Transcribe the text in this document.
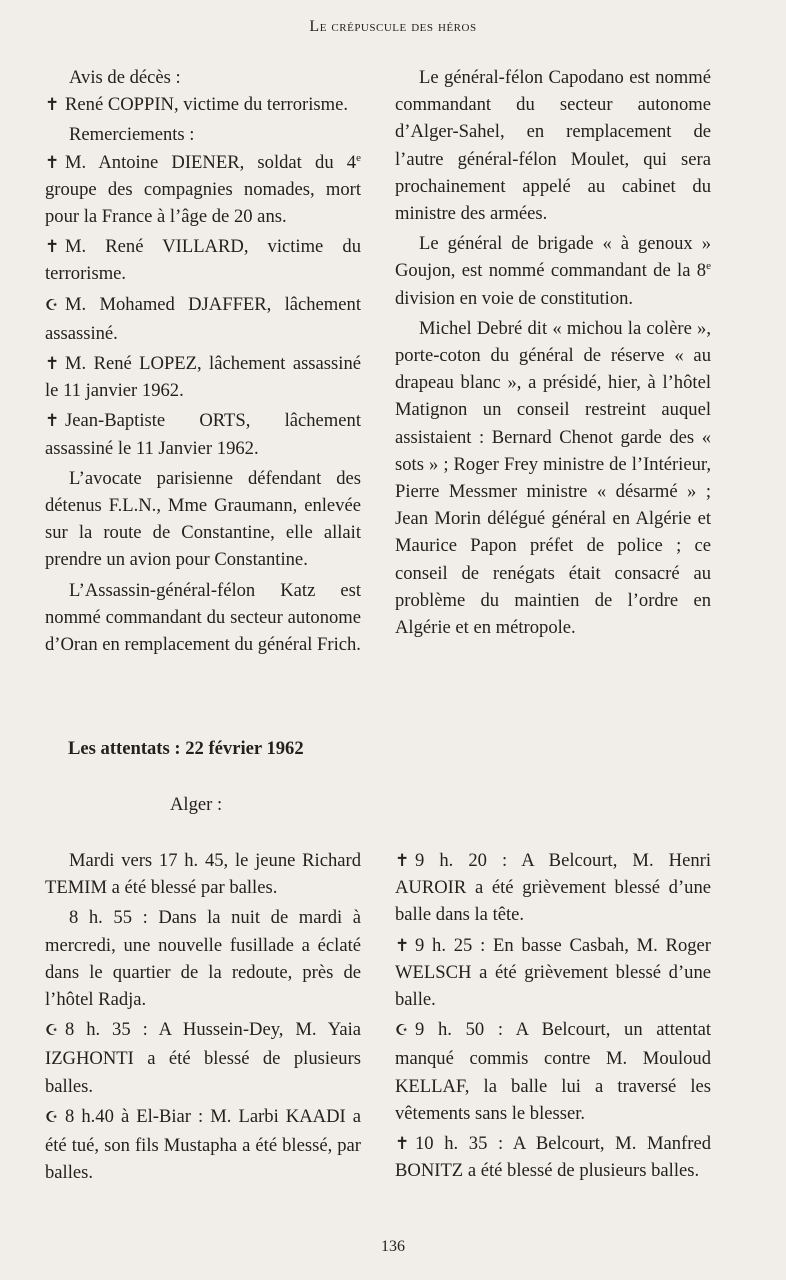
Le crépuscule des héros

Avis de décès :

✝René COPPIN, victime du terrorisme.

Remerciements :

✝M. Antoine DIENER, soldat du 4e groupe des compagnies nomades, mort pour la France à l’âge de 20 ans.

✝M. René VILLARD, victime du terrorisme.

☪M. Mohamed DJAFFER, lâchement assassiné.

✝M. René LOPEZ, lâchement assassiné le 11 janvier 1962.

✝Jean-Baptiste ORTS, lâchement assassiné le 11 Janvier 1962.

L’avocate parisienne défendant des détenus F.L.N., Mme Graumann, enlevée sur la route de Constantine, elle allait prendre un avion pour Constantine.

L’Assassin-général-félon Katz est nommé commandant du secteur autonome d’Oran en remplacement du général Frich.

Le général-félon Capodano est nommé commandant du secteur autonome d’Alger-Sahel, en remplacement de l’autre général-félon Moulet, qui sera prochainement appelé au cabinet du ministre des armées.

Le général de brigade « à genoux » Goujon, est nommé commandant de la 8e division en voie de constitution.

Michel Debré dit « michou la colère », porte-coton du général de réserve « au drapeau blanc », a présidé, hier, à l’hôtel Matignon un conseil restreint auquel assistaient : Bernard Chenot garde des « sots » ; Roger Frey ministre de l’Intérieur, Pierre Messmer ministre « désarmé » ; Jean Morin délégué général en Algérie et Maurice Papon préfet de police ; ce conseil de renégats était consacré au problème du maintien de l’ordre en Algérie et en métropole.

Les attentats : 22 février 1962
Alger :

Mardi vers 17 h. 45, le jeune Richard TEMIM a été blessé par balles.

8 h. 55 : Dans la nuit de mardi à mercredi, une nouvelle fusillade a éclaté dans le quartier de la redoute, près de l’hôtel Radja.

☪8 h. 35 : A Hussein-Dey, M. Yaia IZGHONTI a été blessé de plusieurs balles.

☪8 h.40 à El-Biar : M. Larbi KAADI a été tué, son fils Mustapha a été blessé, par balles.

✝9 h. 20 : A Belcourt, M. Henri AUROIR a été grièvement blessé d’une balle dans la tête.

✝9 h. 25 : En basse Casbah, M. Roger WELSCH a été grièvement blessé d’une balle.

☪9 h. 50 : A Belcourt, un attentat manqué commis contre M. Mouloud KELLAF, la balle lui a traversé les vêtements sans le blesser.

✝10 h. 35 : A Belcourt, M. Manfred BONITZ a été blessé de plusieurs balles.

136
